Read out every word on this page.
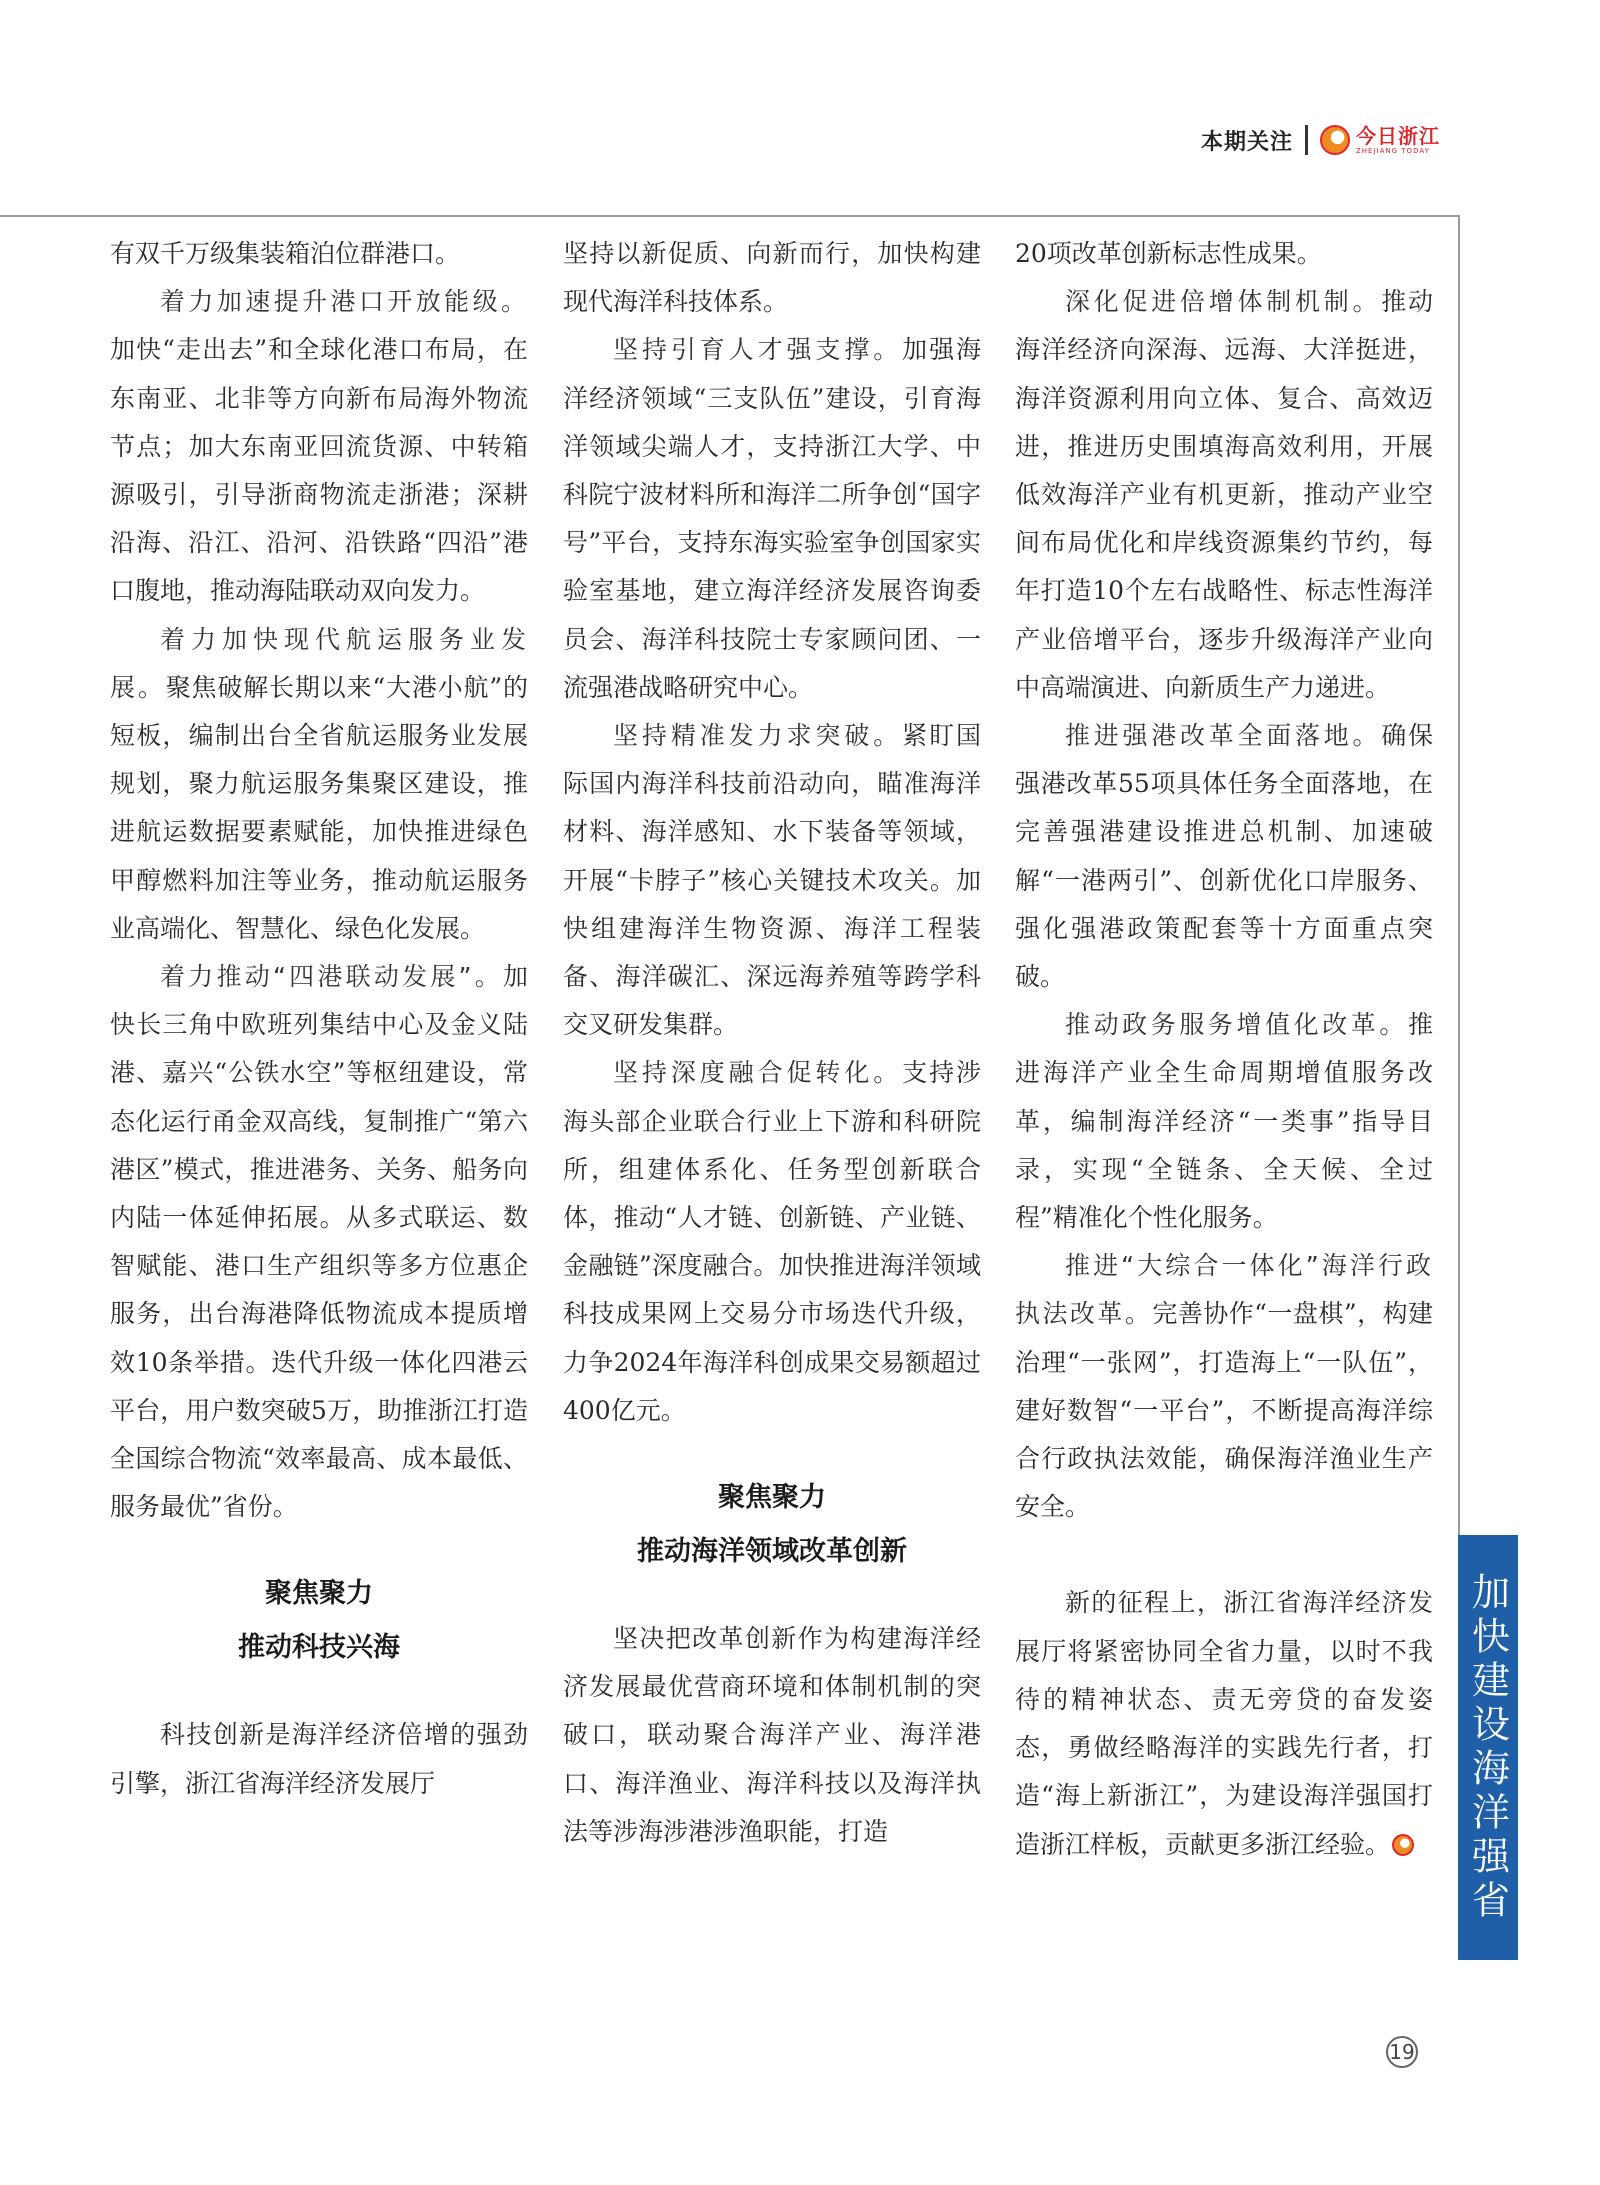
本期关注	今日浙江
ZHEJIANG TODAY

有双千万级集装箱泊位群港口。

着力加速提升港口开放能级。加快“走出去”和全球化港口布局，在东南亚、北非等方向新布局海外物流节点；加大东南亚回流货源、中转箱源吸引，引导浙商物流走浙港；深耕沿海、沿江、沿河、沿铁路“四沿”港口腹地，推动海陆联动双向发力。

着力加快现代航运服务业发展。聚焦破解长期以来“大港小航”的短板，编制出台全省航运服务业发展规划，聚力航运服务集聚区建设，推进航运数据要素赋能，加快推进绿色甲醇燃料加注等业务，推动航运服务业高端化、智慧化、绿色化发展。

着力推动“四港联动发展”。加快长三角中欧班列集结中心及金义陆港、嘉兴“公铁水空”等枢纽建设，常态化运行甬金双高线，复制推广“第六港区”模式，推进港务、关务、船务向内陆一体延伸拓展。从多式联运、数智赋能、港口生产组织等多方位惠企服务，出台海港降低物流成本提质增效10条举措。迭代升级一体化四港云平台，用户数突破5万，助推浙江打造全国综合物流“效率最高、成本最低、服务最优”省份。

聚焦聚力
推动科技兴海

科技创新是海洋经济倍增的强劲引擎，浙江省海洋经济发展厅

坚持以新促质、向新而行，加快构建现代海洋科技体系。

坚持引育人才强支撑。加强海洋经济领域“三支队伍”建设，引育海洋领域尖端人才，支持浙江大学、中科院宁波材料所和海洋二所争创“国字号”平台，支持东海实验室争创国家实验室基地，建立海洋经济发展咨询委员会、海洋科技院士专家顾问团、一流强港战略研究中心。

坚持精准发力求突破。紧盯国际国内海洋科技前沿动向，瞄准海洋材料、海洋感知、水下装备等领域，开展“卡脖子”核心关键技术攻关。加快组建海洋生物资源、海洋工程装备、海洋碳汇、深远海养殖等跨学科交叉研发集群。

坚持深度融合促转化。支持涉海头部企业联合行业上下游和科研院所，组建体系化、任务型创新联合体，推动“人才链、创新链、产业链、金融链”深度融合。加快推进海洋领域科技成果网上交易分市场迭代升级，力争2024年海洋科创成果交易额超过400亿元。

聚焦聚力
推动海洋领域改革创新

坚决把改革创新作为构建海洋经济发展最优营商环境和体制机制的突破口，联动聚合海洋产业、海洋港口、海洋渔业、海洋科技以及海洋执法等涉海涉港涉渔职能，打造

20项改革创新标志性成果。

深化促进倍增体制机制。推动海洋经济向深海、远海、大洋挺进，海洋资源利用向立体、复合、高效迈进，推进历史围填海高效利用，开展低效海洋产业有机更新，推动产业空间布局优化和岸线资源集约节约，每年打造10个左右战略性、标志性海洋产业倍增平台，逐步升级海洋产业向中高端演进、向新质生产力递进。

推进强港改革全面落地。确保强港改革55项具体任务全面落地，在完善强港建设推进总机制、加速破解“一港两引”、创新优化口岸服务、强化强港政策配套等十方面重点突破。

推动政务服务增值化改革。推进海洋产业全生命周期增值服务改革，编制海洋经济“一类事”指导目录，实现“全链条、全天候、全过程”精准化个性化服务。

推进“大综合一体化”海洋行政执法改革。完善协作“一盘棋”，构建治理“一张网”，打造海上“一队伍”，建好数智“一平台”，不断提高海洋综合行政执法效能，确保海洋渔业生产安全。

新的征程上，浙江省海洋经济发展厅将紧密协同全省力量，以时不我待的精神状态、责无旁贷的奋发姿态，勇做经略海洋的实践先行者，打造“海上新浙江”，为建设海洋强国打造浙江样板，贡献更多浙江经验。	加快建设海洋强省
19
